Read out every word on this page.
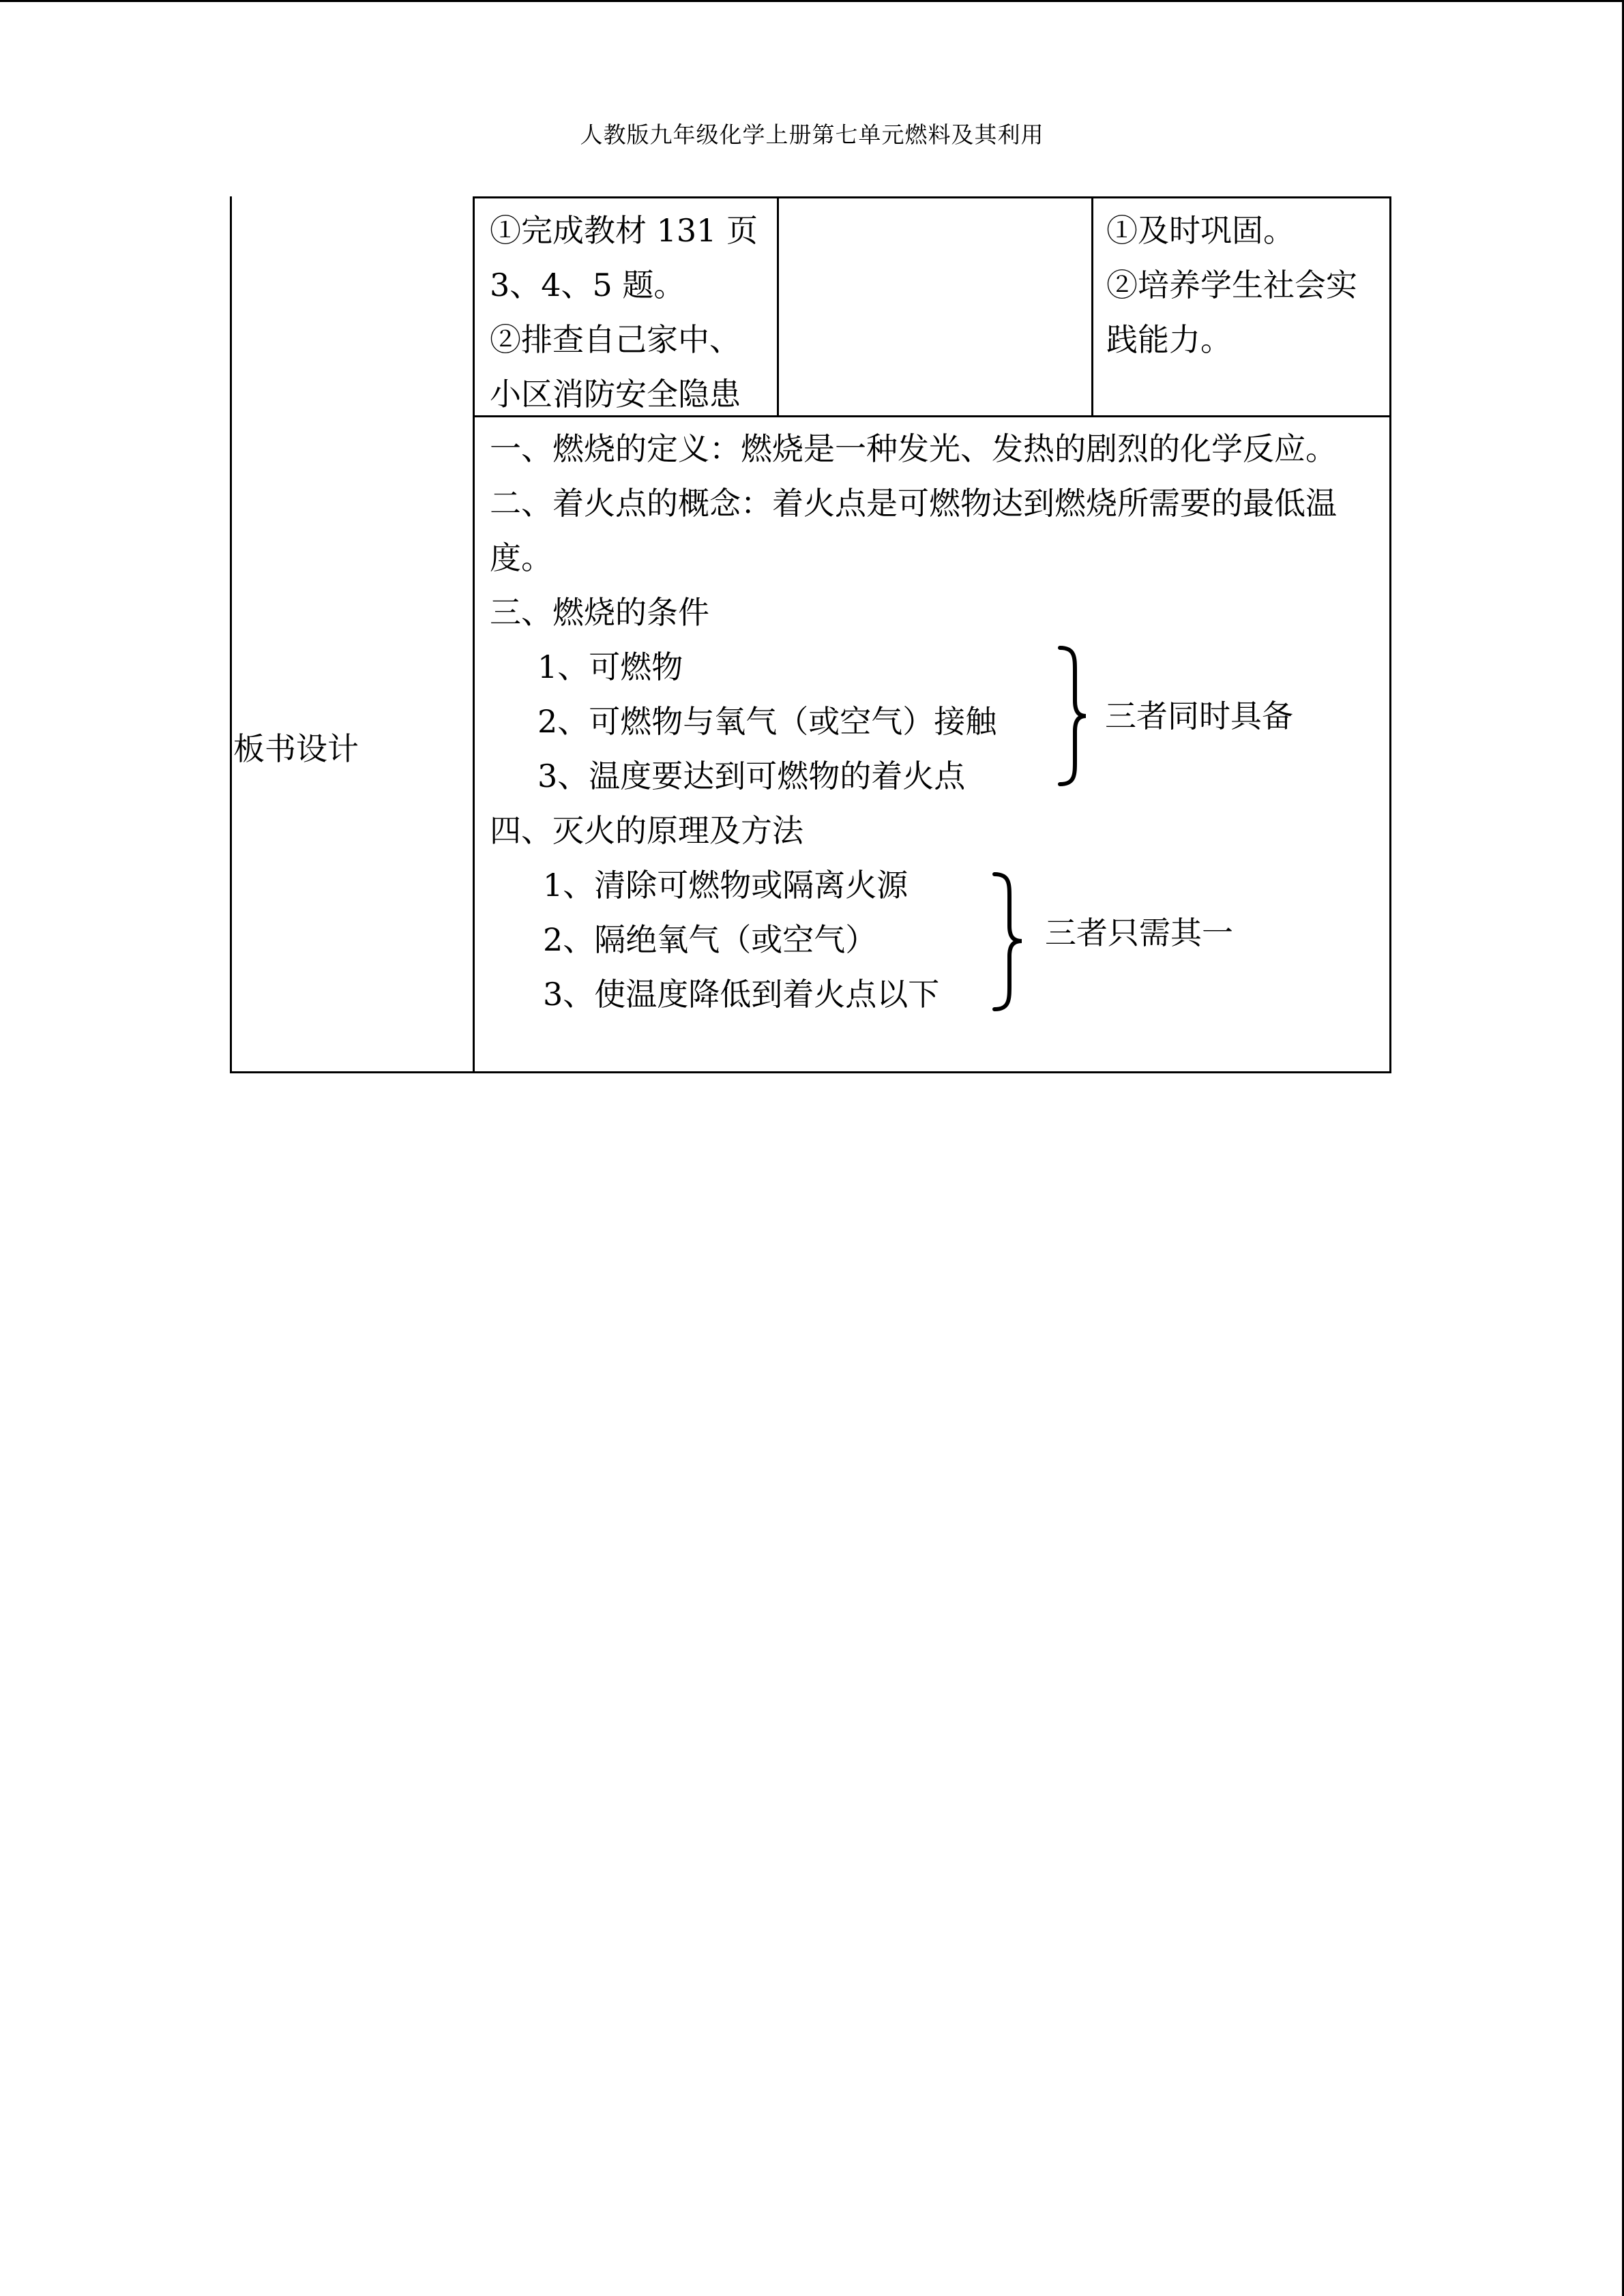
人教版九年级化学上册第七单元燃料及其利用
①完成教材 131 页
3、4、5 题。
②排查自己家中、
小区消防安全隐患
①及时巩固。
②培养学生社会实
践能力。
板书设计
一、燃烧的定义：燃烧是一种发光、发热的剧烈的化学反应。
二、着火点的概念：着火点是可燃物达到燃烧所需要的最低温
度。
三、燃烧的条件
1、可燃物
2、可燃物与氧气（或空气）接触
3、温度要达到可燃物的着火点
三者同时具备
四、灭火的原理及方法
1、清除可燃物或隔离火源
2、隔绝氧气（或空气）
3、使温度降低到着火点以下
三者只需其一
